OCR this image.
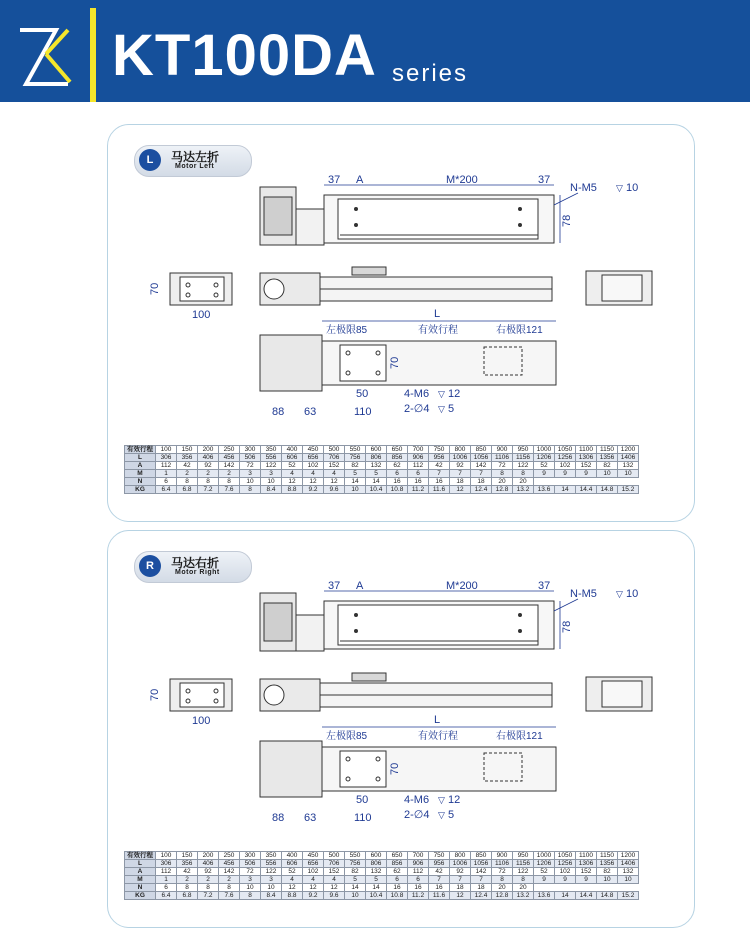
KT100DA series
L	马达左折
Motor Left
37 A	M*200	37
N-M5 ▽ 10
78
70
100	L
左极限85	有效行程	右极限121
70
50
110
88 63
4-M6 ▽ 12
2-∅4 ▽ 5
有效行程	100	150	200	250	300	350	400	450	500	550	600	650	700	750	800	850	900	950	1000	1050	1100	1150	1200
L	306	356	406	456	506	556	606	656	706	756	806	856	906	956	1006	1056	1106	1156	1206	1256	1306	1356	1406
A	112	42	92	142	72	122	52	102	152	82	132	62	112	42	92	142	72	122	52	102	152	82	132
M	1	2	2	2	3	3	4	4	4	5	5	6	6	7	7	7	8	8	9	9	9	10	10
N	6	8	8	8	10	10	12	12	12	14	14	16	16	16	18	18	20	20					
KG	6.4	6.8	7.2	7.6	8	8.4	8.8	9.2	9.6	10	10.4	10.8	11.2	11.6	12	12.4	12.8	13.2	13.6	14	14.4	14.8	15.2
R	马达右折
Motor Right
37 A	M*200	37
N-M5 ▽ 10
78
70
100	L
左极限85	有效行程	右极限121
70
50
110
88 63
4-M6 ▽ 12
2-∅4 ▽ 5
有效行程	100	150	200	250	300	350	400	450	500	550	600	650	700	750	800	850	900	950	1000	1050	1100	1150	1200
L	306	356	406	456	506	556	606	656	706	756	806	856	906	956	1006	1056	1106	1156	1206	1256	1306	1356	1406
A	112	42	92	142	72	122	52	102	152	82	132	62	112	42	92	142	72	122	52	102	152	82	132
M	1	2	2	2	3	3	4	4	4	5	5	6	6	7	7	7	8	8	9	9	9	10	10
N	6	8	8	8	10	10	12	12	12	14	14	16	16	16	18	18	20	20					
KG	6.4	6.8	7.2	7.6	8	8.4	8.8	9.2	9.6	10	10.4	10.8	11.2	11.6	12	12.4	12.8	13.2	13.6	14	14.4	14.8	15.2
